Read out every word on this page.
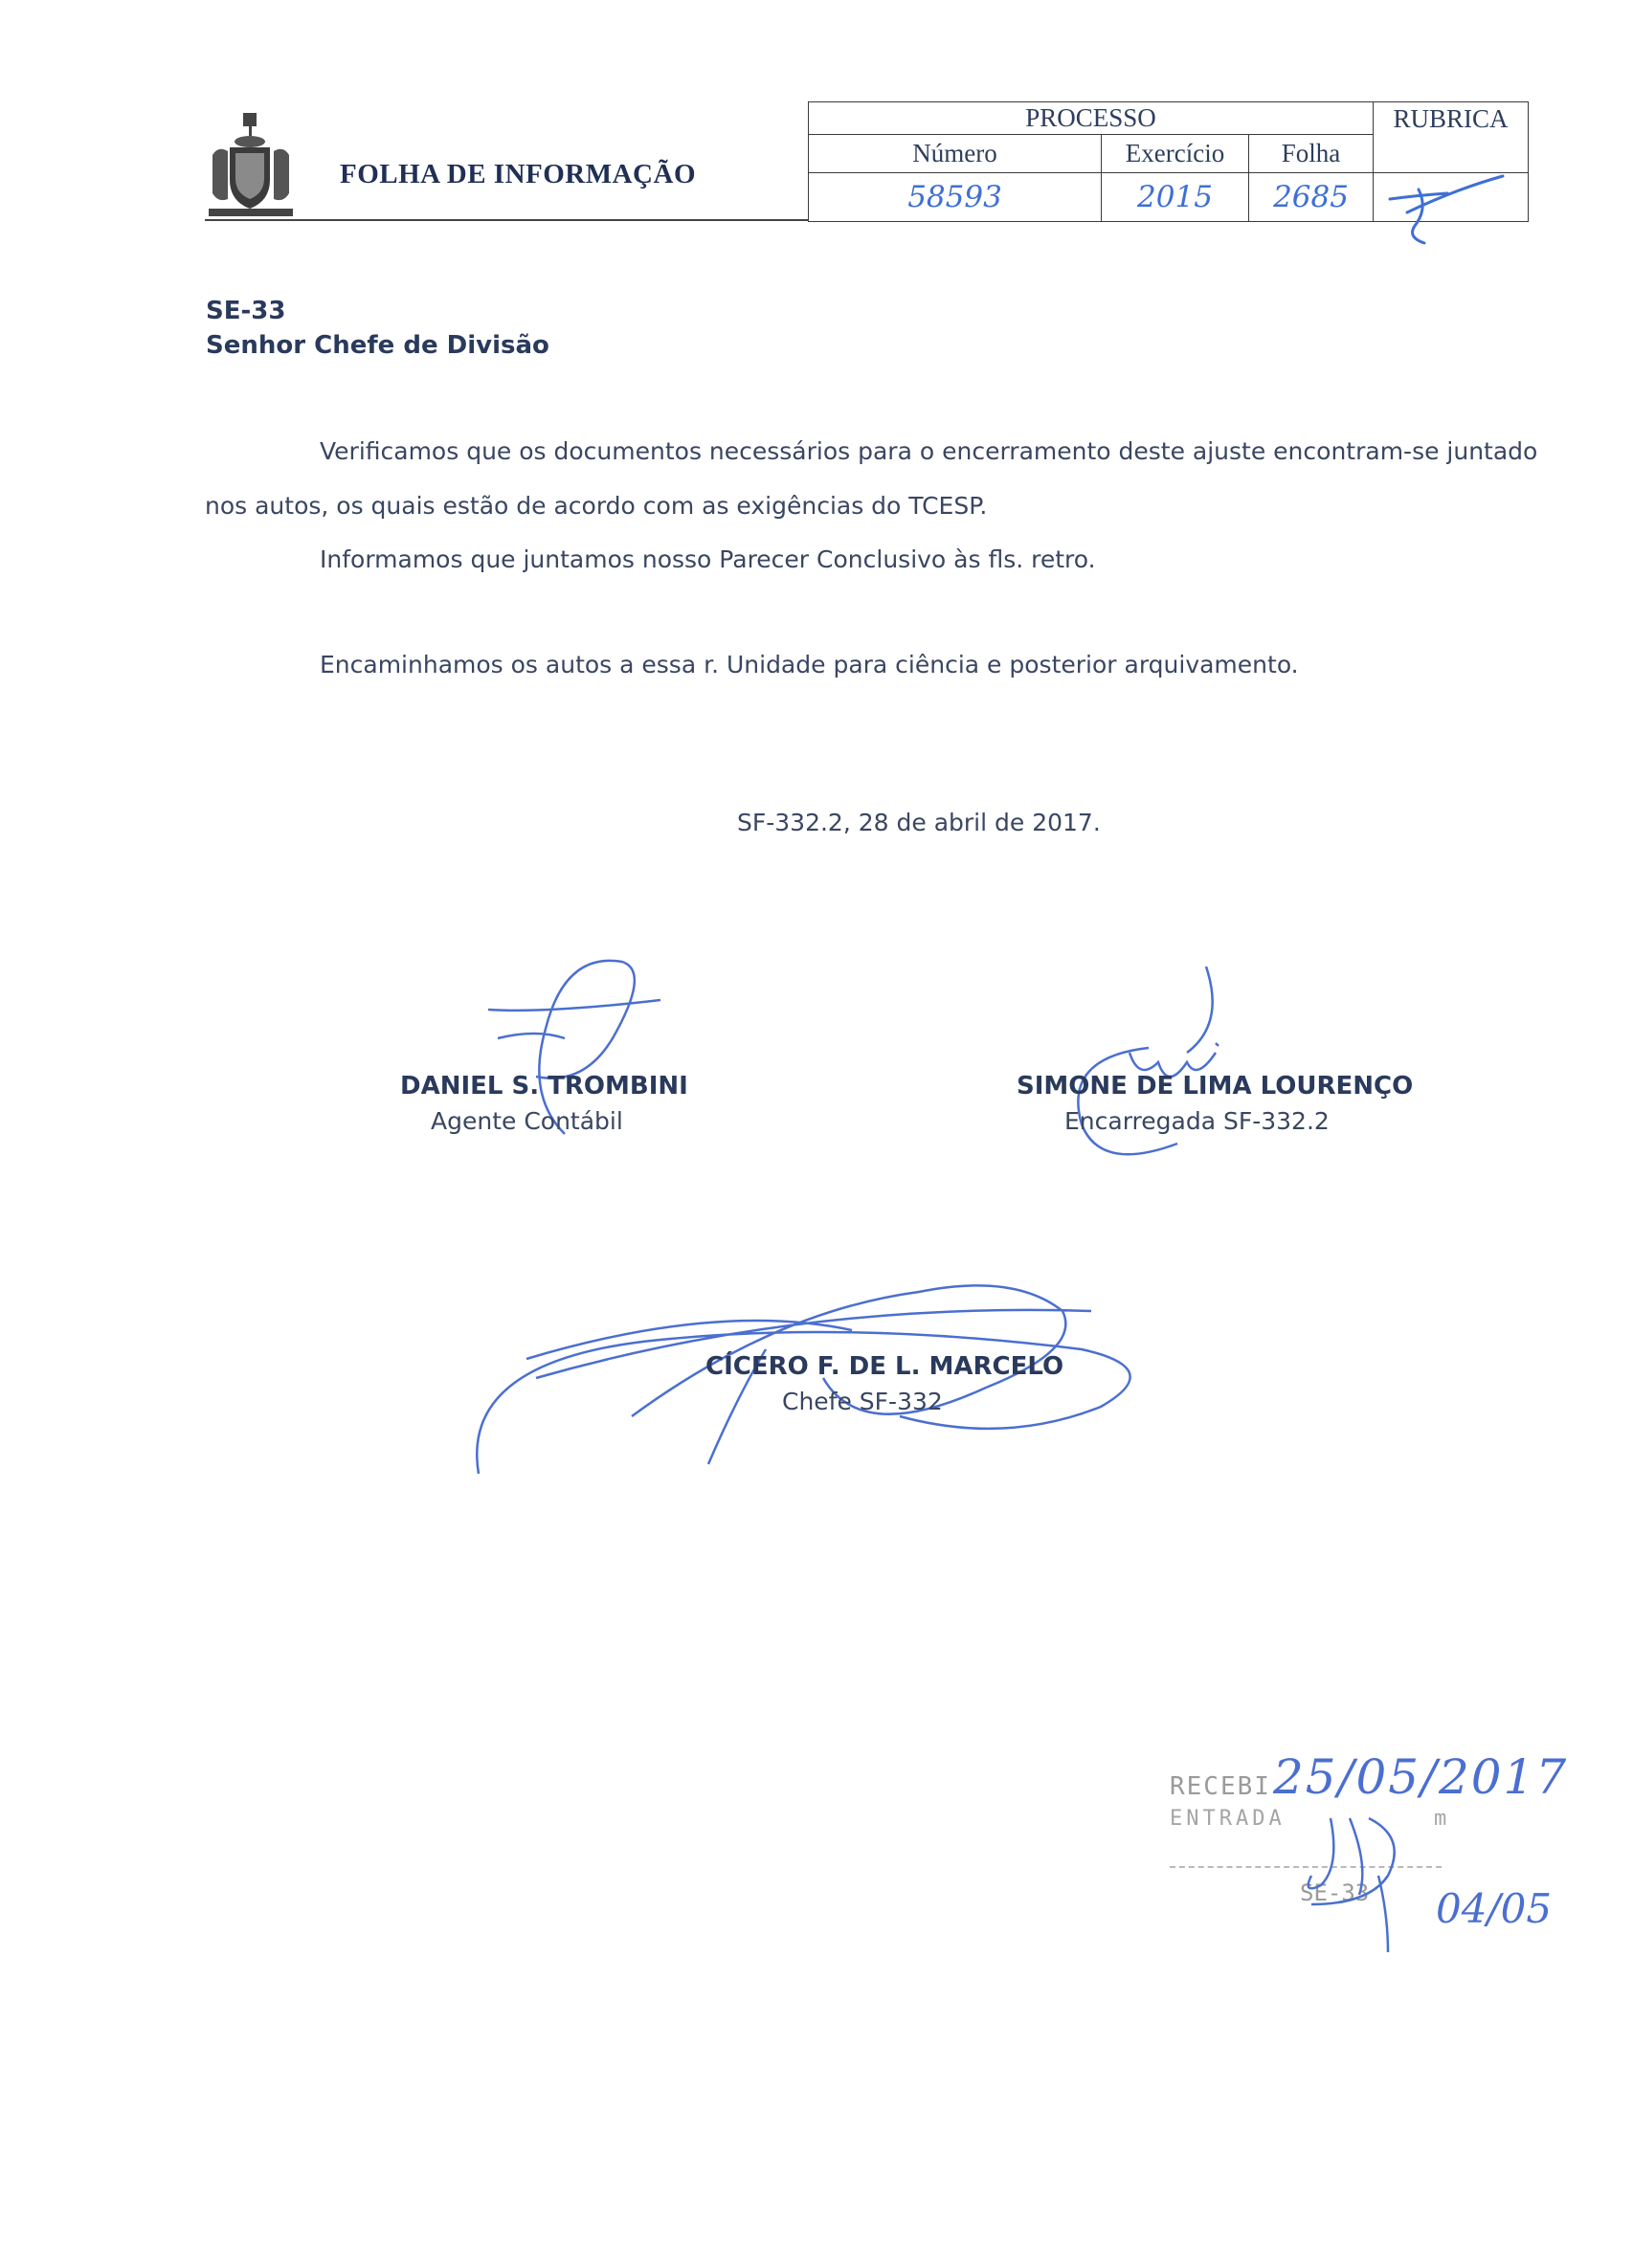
FOLHA DE INFORMAÇÃO
PROCESSO			RUBRICA
Número	Exercício	Folha	
58593	2015	2685	
SE-33
Senhor Chefe de Divisão
Verificamos que os documentos necessários para o encerramento deste ajuste encontram-se juntado
nos autos, os quais estão de acordo com as exigências do TCESP.
Informamos que juntamos nosso Parecer Conclusivo às fls. retro.
Encaminhamos os autos a essa r. Unidade para ciência e posterior arquivamento.
SF-332.2, 28 de abril de 2017.
DANIEL S. TROMBINI
Agente Contábil
SIMONE DE LIMA LOURENÇO
Encarregada SF-332.2
CÍCERO F. DE L. MARCELO
Chefe SF-332
RECEBI 25/05/2017
ENTRADA	m
SE-33 04/05
